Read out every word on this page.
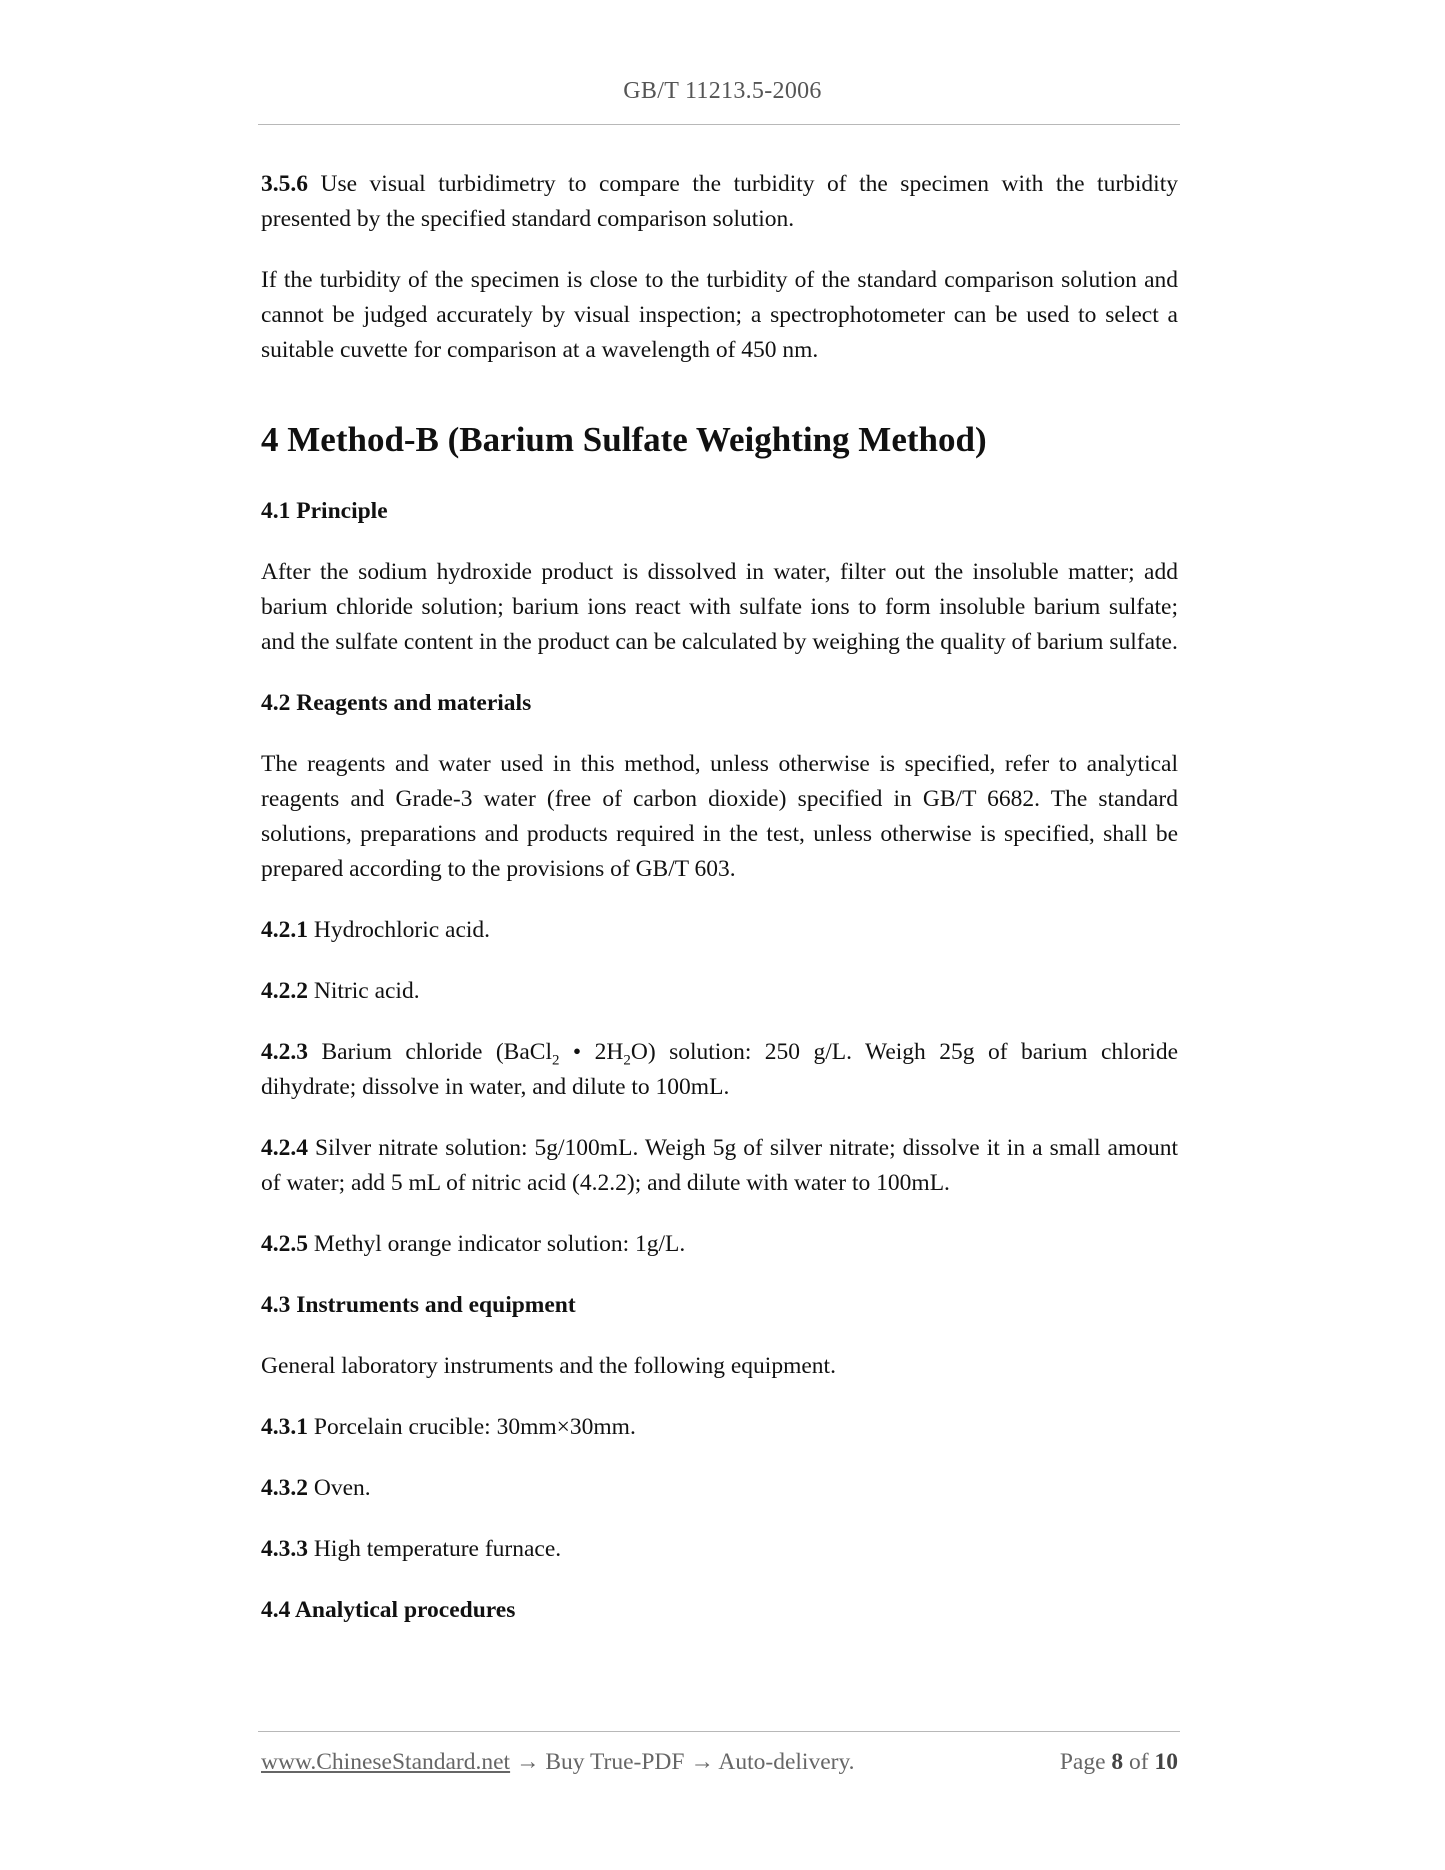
GB/T 11213.5-2006

3.5.6 Use visual turbidimetry to compare the turbidity of the specimen with the turbidity presented by the specified standard comparison solution.

If the turbidity of the specimen is close to the turbidity of the standard comparison solution and cannot be judged accurately by visual inspection; a spectrophotometer can be used to select a suitable cuvette for comparison at a wavelength of 450 nm.

4 Method-B (Barium Sulfate Weighting Method)
4.1 Principle

After the sodium hydroxide product is dissolved in water, filter out the insoluble matter; add barium chloride solution; barium ions react with sulfate ions to form insoluble barium sulfate; and the sulfate content in the product can be calculated by weighing the quality of barium sulfate.

4.2 Reagents and materials

The reagents and water used in this method, unless otherwise is specified, refer to analytical reagents and Grade-3 water (free of carbon dioxide) specified in GB/T 6682. The standard solutions, preparations and products required in the test, unless otherwise is specified, shall be prepared according to the provisions of GB/T 603.

4.2.1 Hydrochloric acid.

4.2.2 Nitric acid.

4.2.3 Barium chloride (BaCl$_2$ • $2H_2O$) solution: 250 g/L. Weigh 25g of barium chloride dihydrate; dissolve in water, and dilute to 100mL.

4.2.4 Silver nitrate solution: 5g/100mL. Weigh 5g of silver nitrate; dissolve it in a small amount of water; add 5 mL of nitric acid (4.2.2); and dilute with water to 100mL.

4.2.5 Methyl orange indicator solution: 1g/L.

4.3 Instruments and equipment

General laboratory instruments and the following equipment.

4.3.1 Porcelain crucible: 30mm×30mm.

4.3.2 Oven.

4.3.3 High temperature furnace.

4.4 Analytical procedures
www.ChineseStandard.net → Buy True-PDF → Auto-delivery.	Page 8 of 10
